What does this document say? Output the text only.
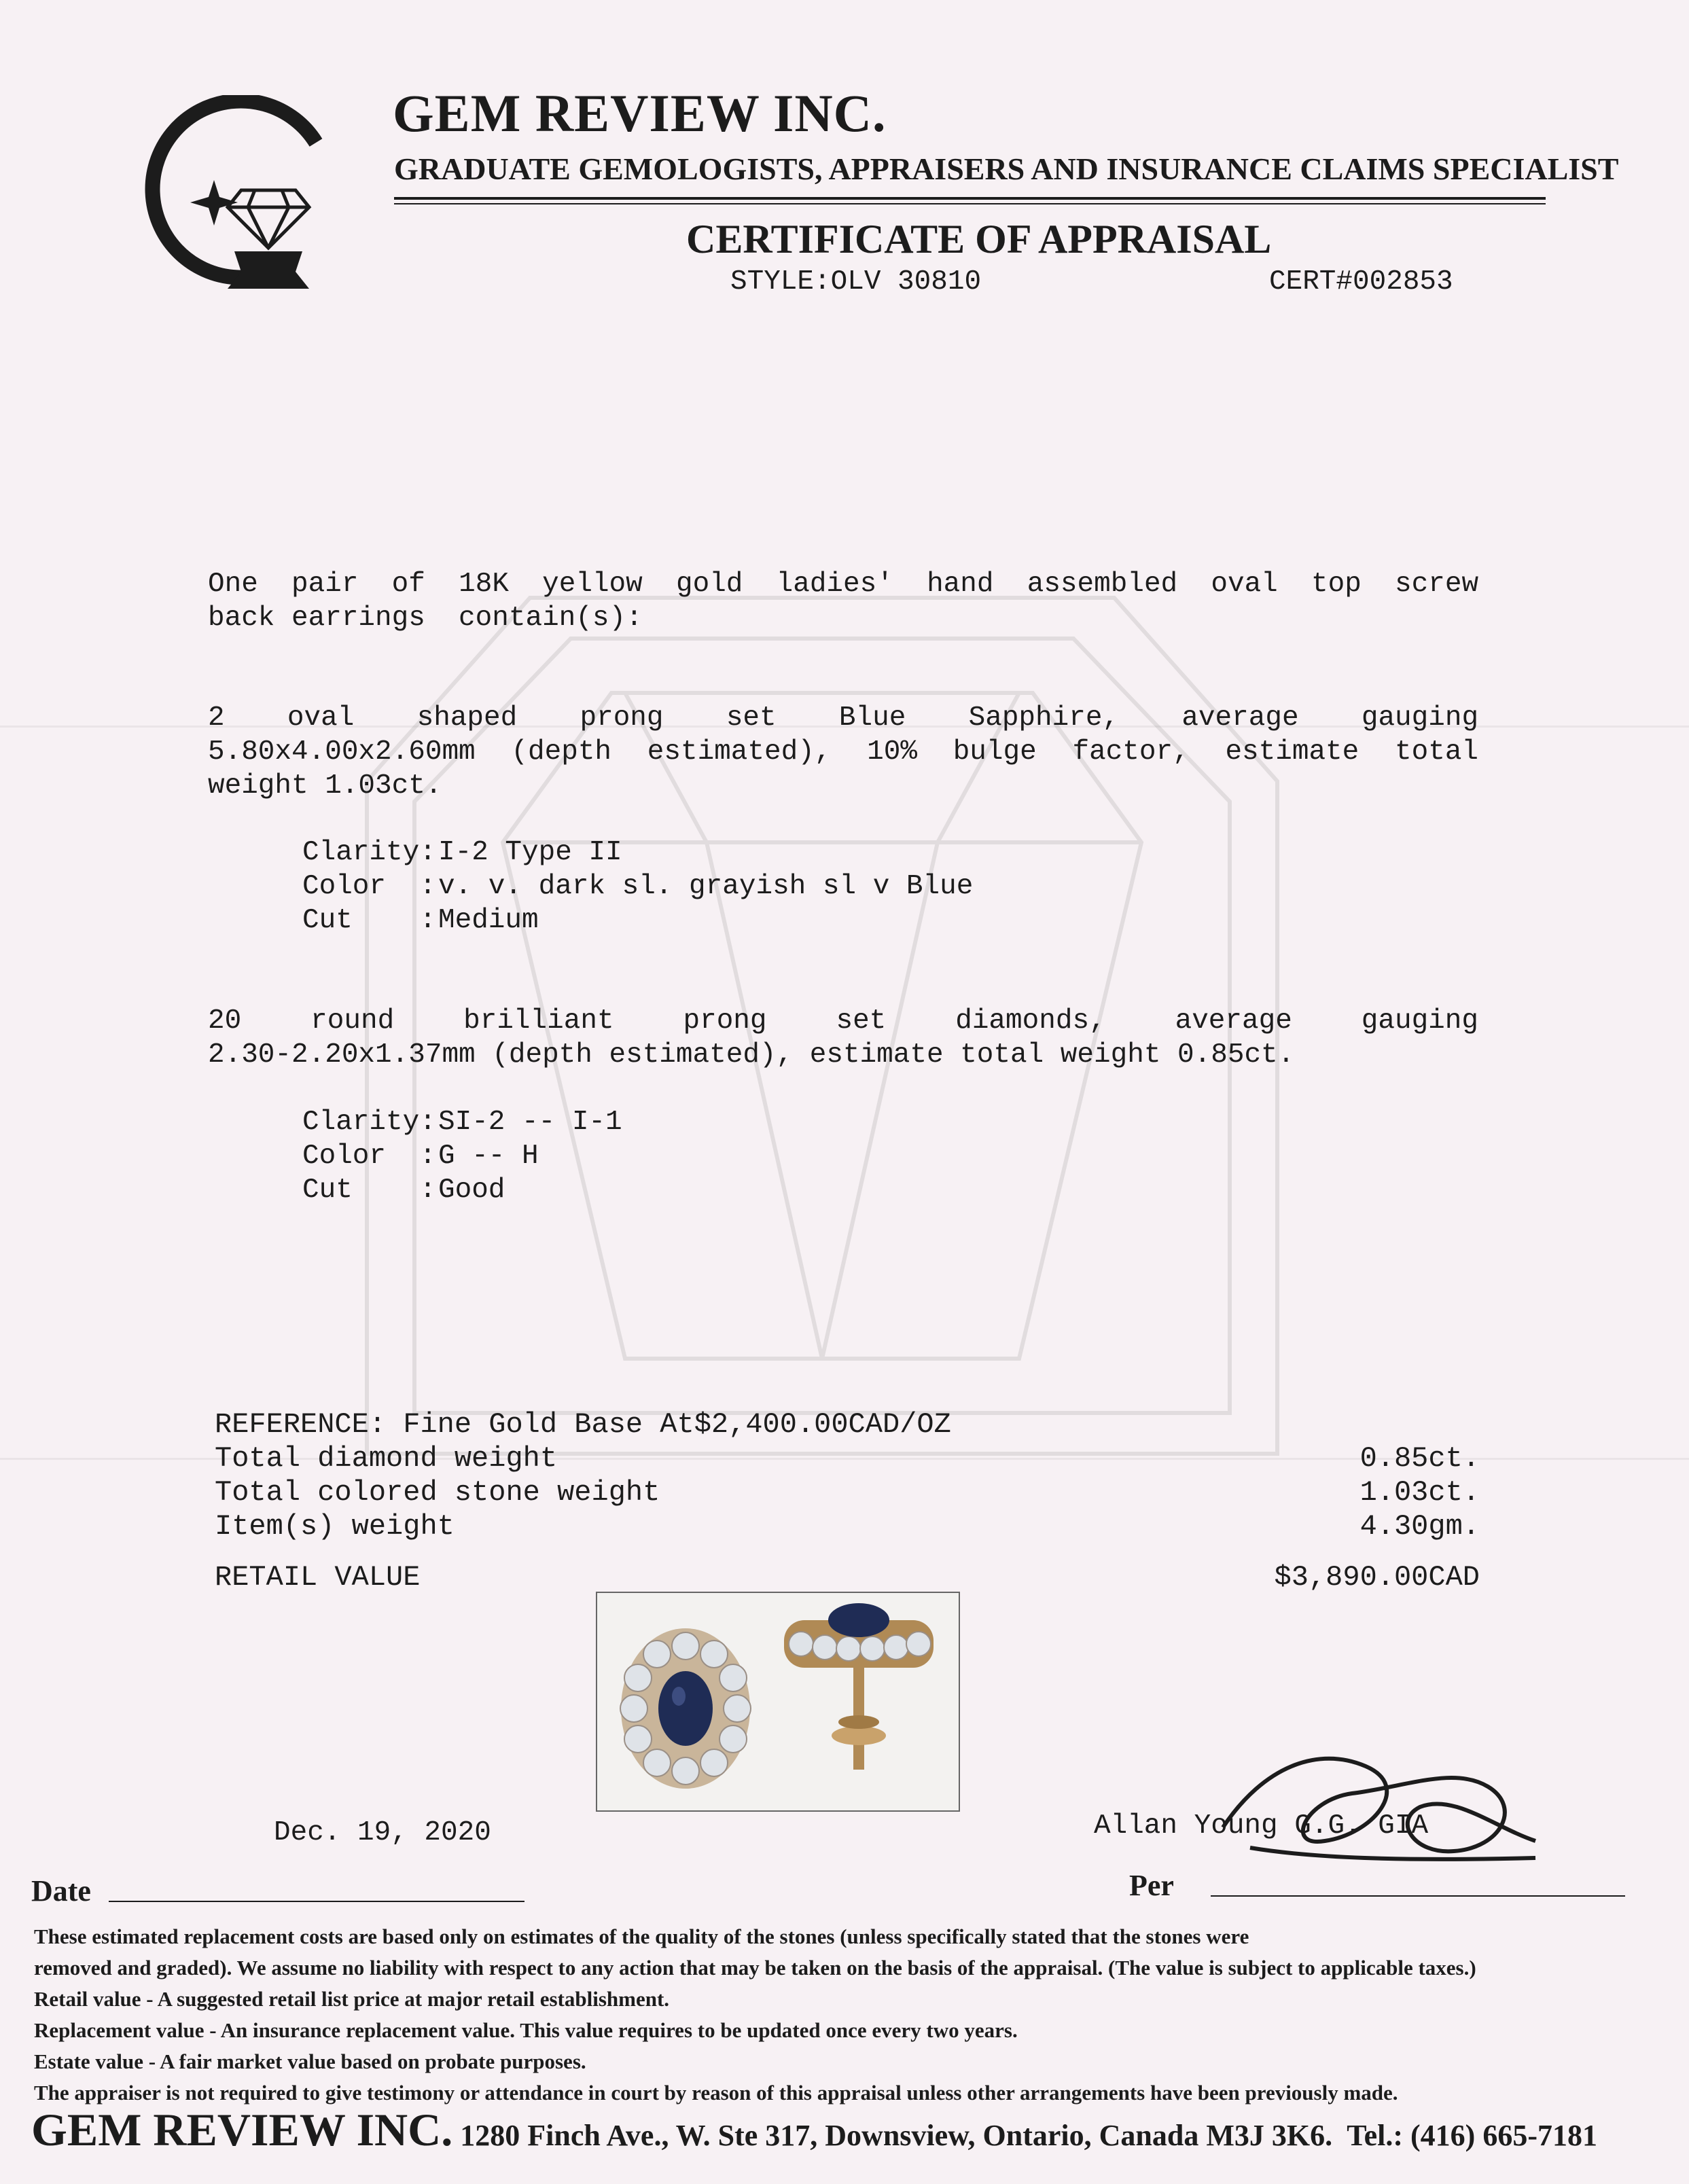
GEM REVIEW INC.
GRADUATE GEMOLOGISTS, APPRAISERS AND INSURANCE CLAIMS SPECIALIST
CERTIFICATE OF APPRAISAL
STYLE:OLV 30810	CERT#002853
One pair of 18K yellow gold ladies' hand assembled oval top screw
back earrings  contain(s):
2 oval shaped prong set Blue Sapphire, average gauging
5.80x4.00x2.60mm (depth estimated), 10% bulge factor, estimate total
weight 1.03ct.
Clarity: I-2 Type II
Color  : v. v. dark sl. grayish sl v Blue
Cut    : Medium
20 round brilliant prong set diamonds, average gauging
2.30-2.20x1.37mm (depth estimated), estimate total weight 0.85ct.
Clarity: SI-2 -- I-1
Color  : G -- H
Cut    : Good
REFERENCE: Fine Gold Base At$2,400.00CAD/OZ
Total diamond weight	0.85ct.
Total colored stone weight	1.03ct.
Item(s) weight	4.30gm.
RETAIL VALUE	$3,890.00CAD
Dec. 19, 2020
Date
Allan Young G.G. GIA
Per
These estimated replacement costs are based only on estimates of the quality of the stones (unless specifically stated that the stones were
removed and graded). We assume no liability with respect to any action that may be taken on the basis of the appraisal. (The value is subject to applicable taxes.)
Retail value - A suggested retail list price at major retail establishment.
Replacement value - An insurance replacement value. This value requires to be updated once every two years.
Estate value - A fair market value based on probate purposes.
The appraiser is not required to give testimony or attendance in court by reason of this appraisal unless other arrangements have been previously made.
GEM REVIEW INC. 1280 Finch Ave., W. Ste 317, Downsview, Ontario, Canada M3J 3K6.  Tel.: (416) 665-7181
